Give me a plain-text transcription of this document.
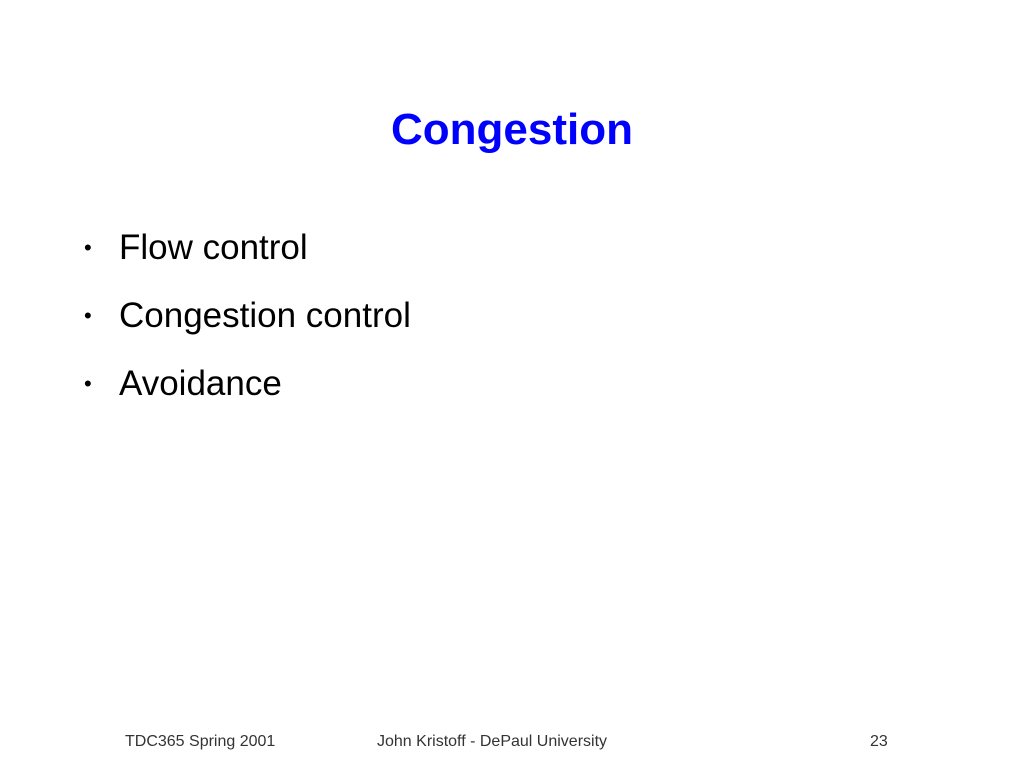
Congestion
• Flow control
• Congestion control
• Avoidance
TDC365 Spring 2001	John Kristoff - DePaul University	23
